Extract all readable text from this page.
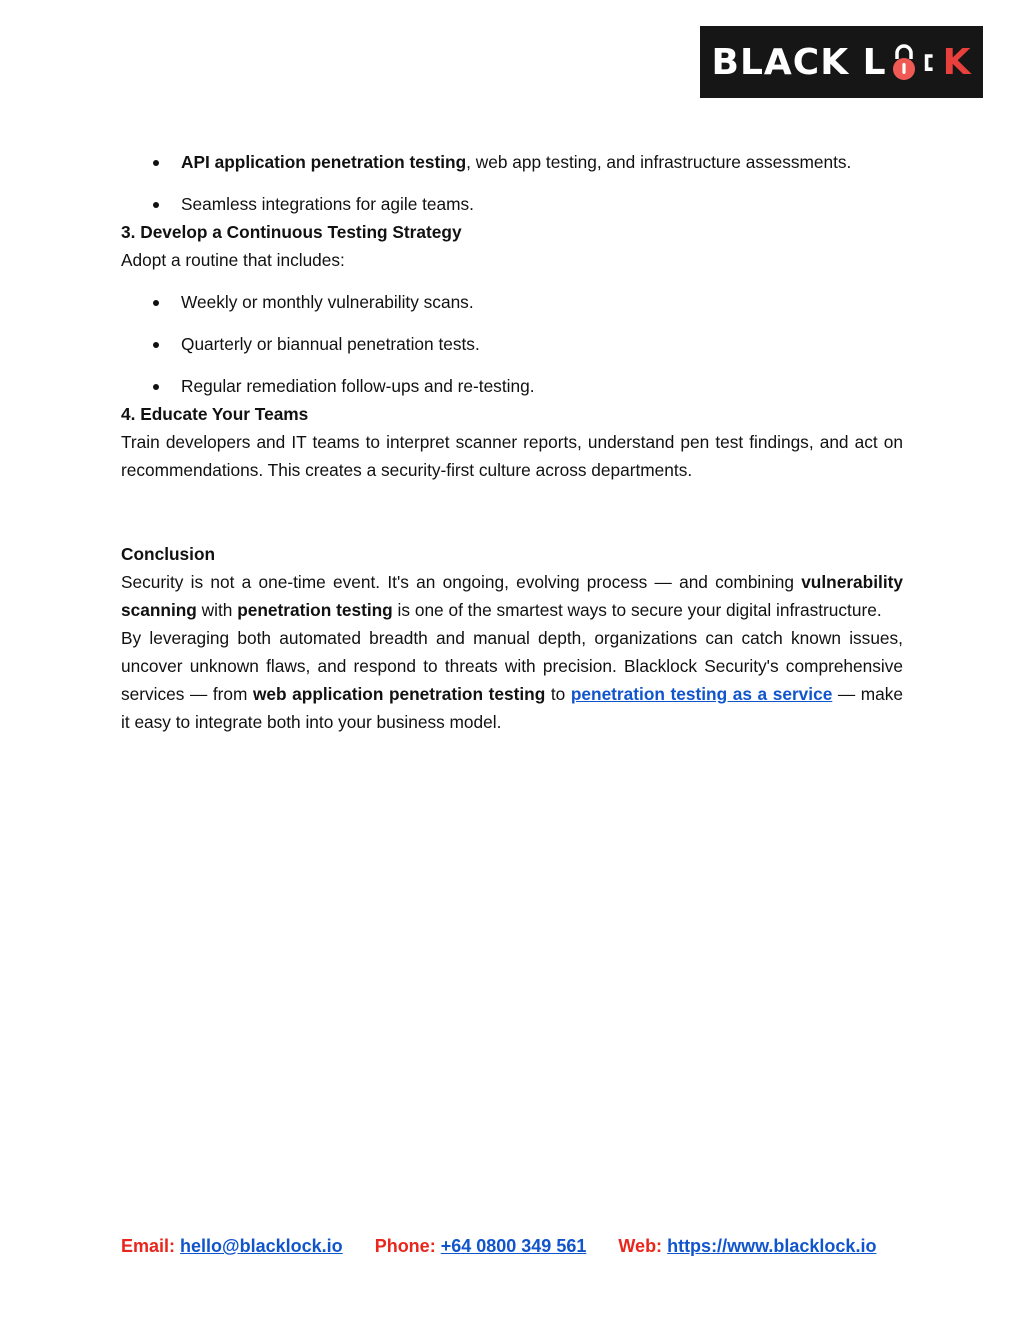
BLACK L K

API application penetration testing, web app testing, and infrastructure assessments.

Seamless integrations for agile teams.

3. Develop a Continuous Testing Strategy

Adopt a routine that includes:

Weekly or monthly vulnerability scans.

Quarterly or biannual penetration tests.

Regular remediation follow-ups and re-testing.

4. Educate Your Teams

Train developers and IT teams to interpret scanner reports, understand pen test findings, and act on recommendations. This creates a security-first culture across departments.

Conclusion

Security is not a one-time event. It's an ongoing, evolving process — and combining vulnerability scanning with penetration testing is one of the smartest ways to secure your digital infrastructure.

By leveraging both automated breadth and manual depth, organizations can catch known issues, uncover unknown flaws, and respond to threats with precision. Blacklock Security's comprehensive services — from web application penetration testing to penetration testing as a service — make it easy to integrate both into your business model.

Email: hello@blacklock.io Phone: +64 0800 349 561 Web: https://www.blacklock.io
